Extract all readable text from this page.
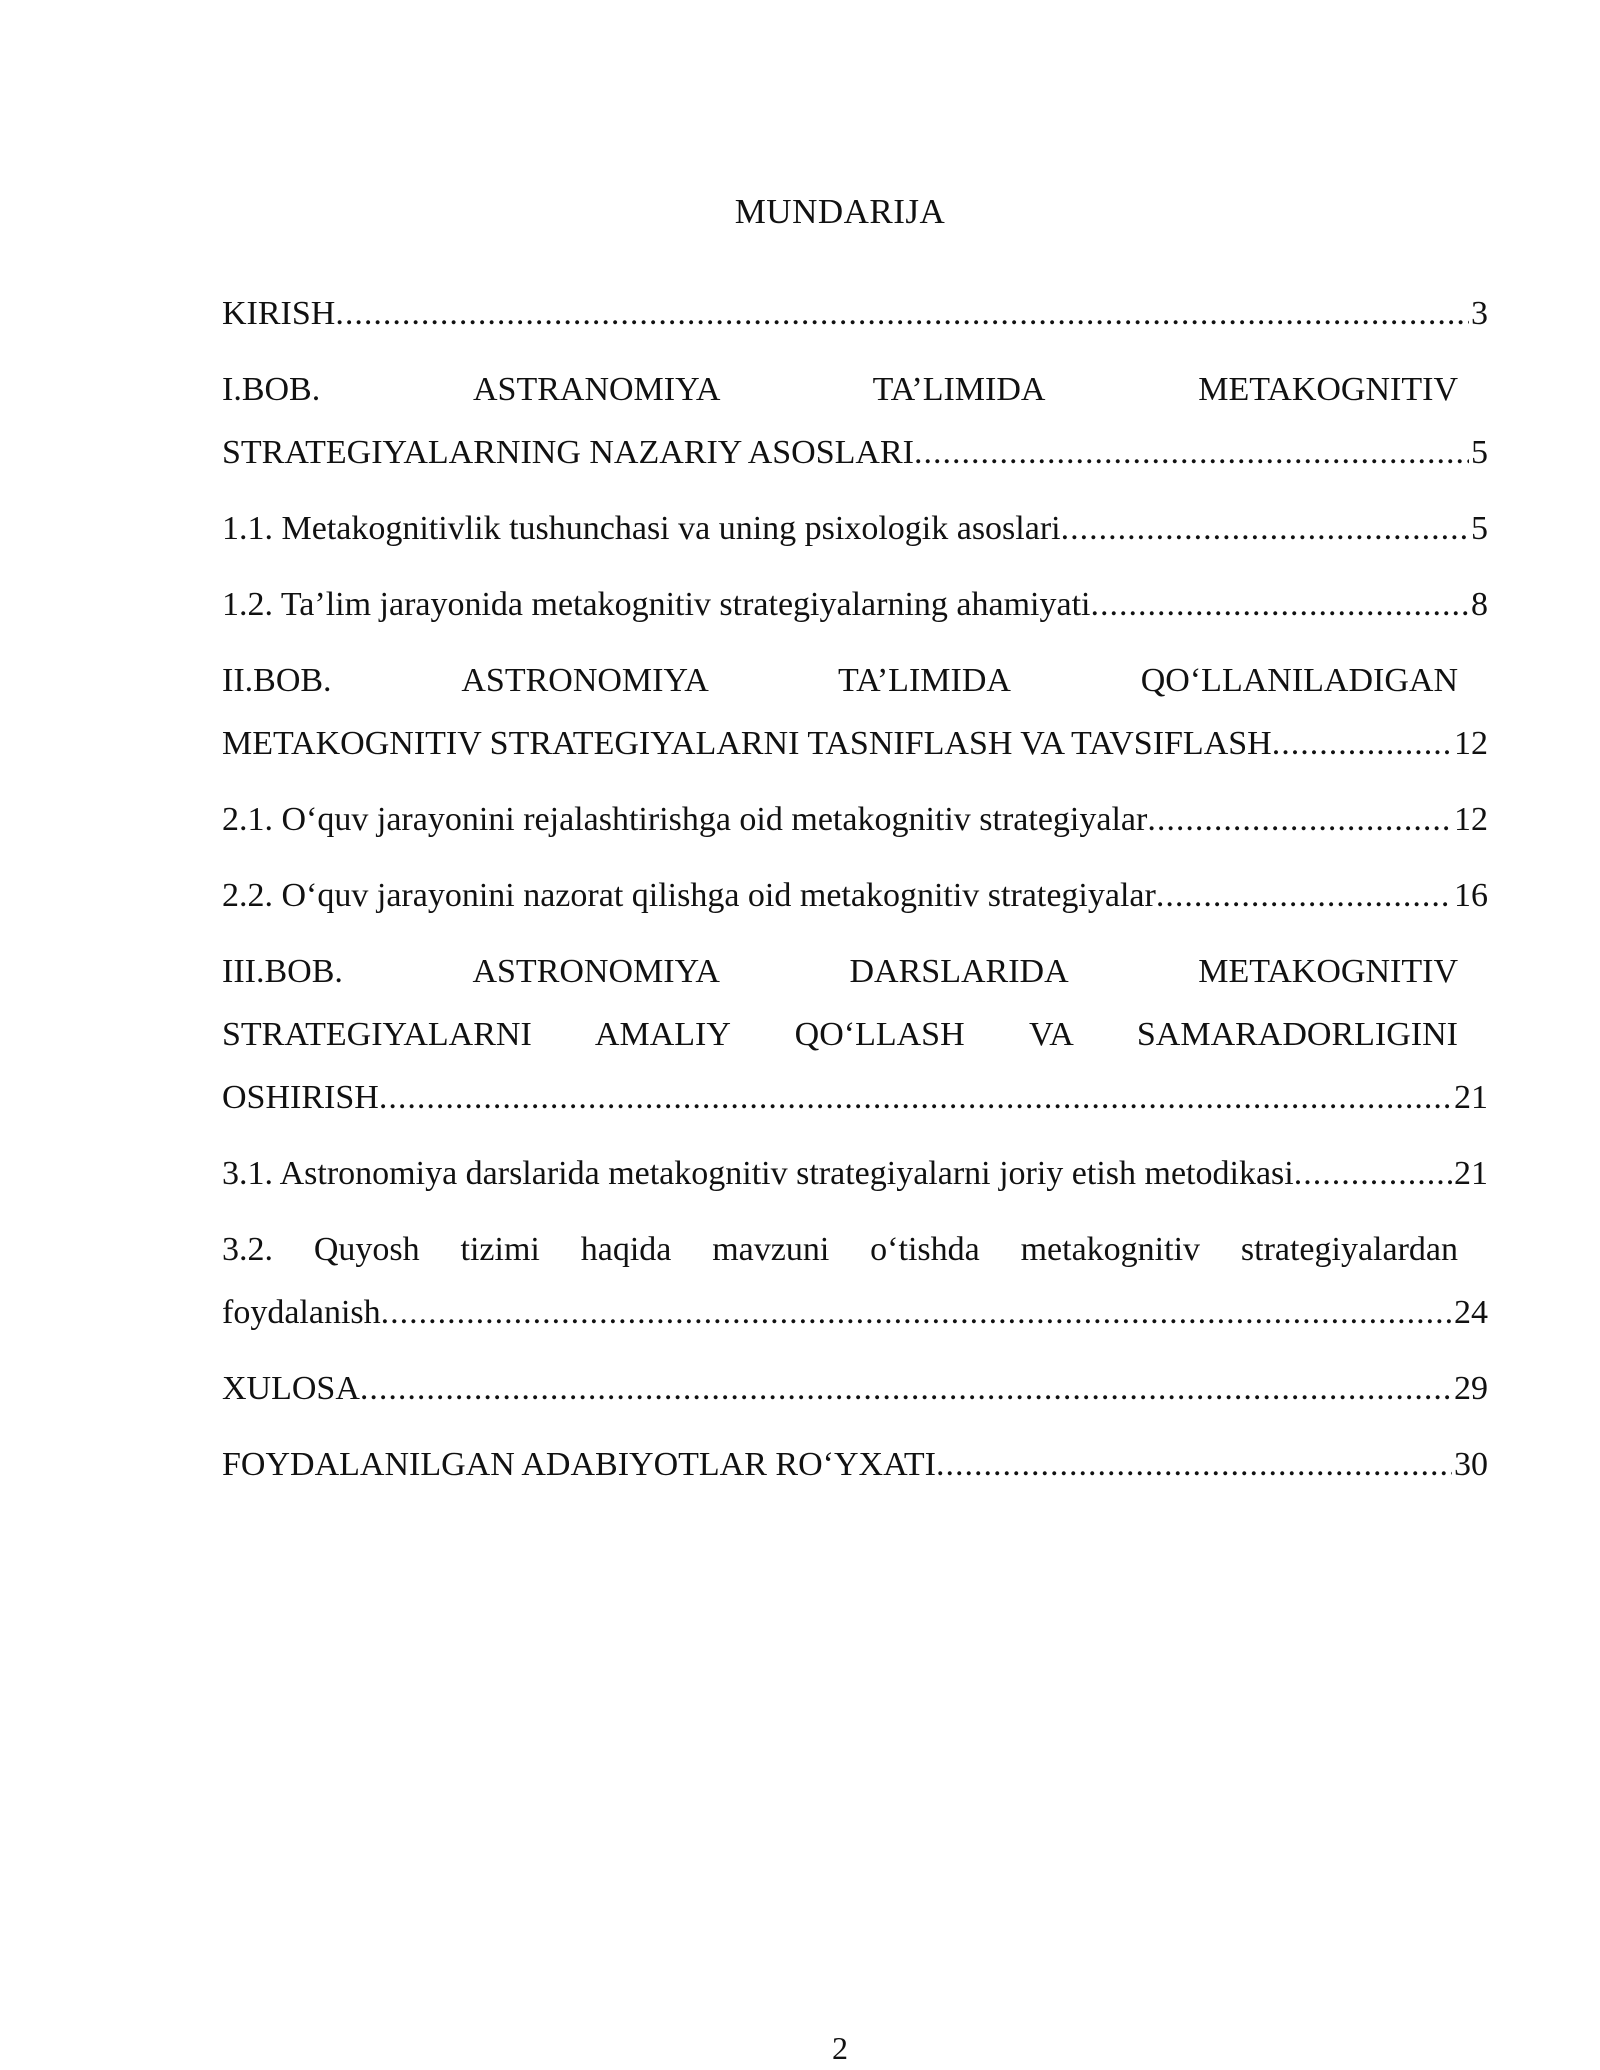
MUNDARIJA
KIRISH .....	3
I.BOB. ASTRANOMIYA TA’LIMIDA METAKOGNITIV
STRATEGIYALARNING NAZARIY ASOSLARI .....	5
1.1. Metakognitivlik tushunchasi va uning psixologik asoslari .....	5
1.2. Ta’lim jarayonida metakognitiv strategiyalarning ahamiyati .....	8
II.BOB. ASTRONOMIYA TA’LIMIDA QO‘LLANILADIGAN
METAKOGNITIV STRATEGIYALARNI TASNIFLASH VA TAVSIFLASH .....	12
2.1. O‘quv jarayonini rejalashtirishga oid metakognitiv strategiyalar .....	12
2.2. O‘quv jarayonini nazorat qilishga oid metakognitiv strategiyalar .....	16
III.BOB. ASTRONOMIYA DARSLARIDA METAKOGNITIV
STRATEGIYALARNI AMALIY QO‘LLASH VA SAMARADORLIGINI
OSHIRISH .....	21
3.1. Astronomiya darslarida metakognitiv strategiyalarni joriy etish metodikasi .....	21
3.2. Quyosh tizimi haqida mavzuni o‘tishda metakognitiv strategiyalardan
foydalanish .....	24
XULOSA .....	29
FOYDALANILGAN ADABIYOTLAR RO‘YXATI .....	30
2
